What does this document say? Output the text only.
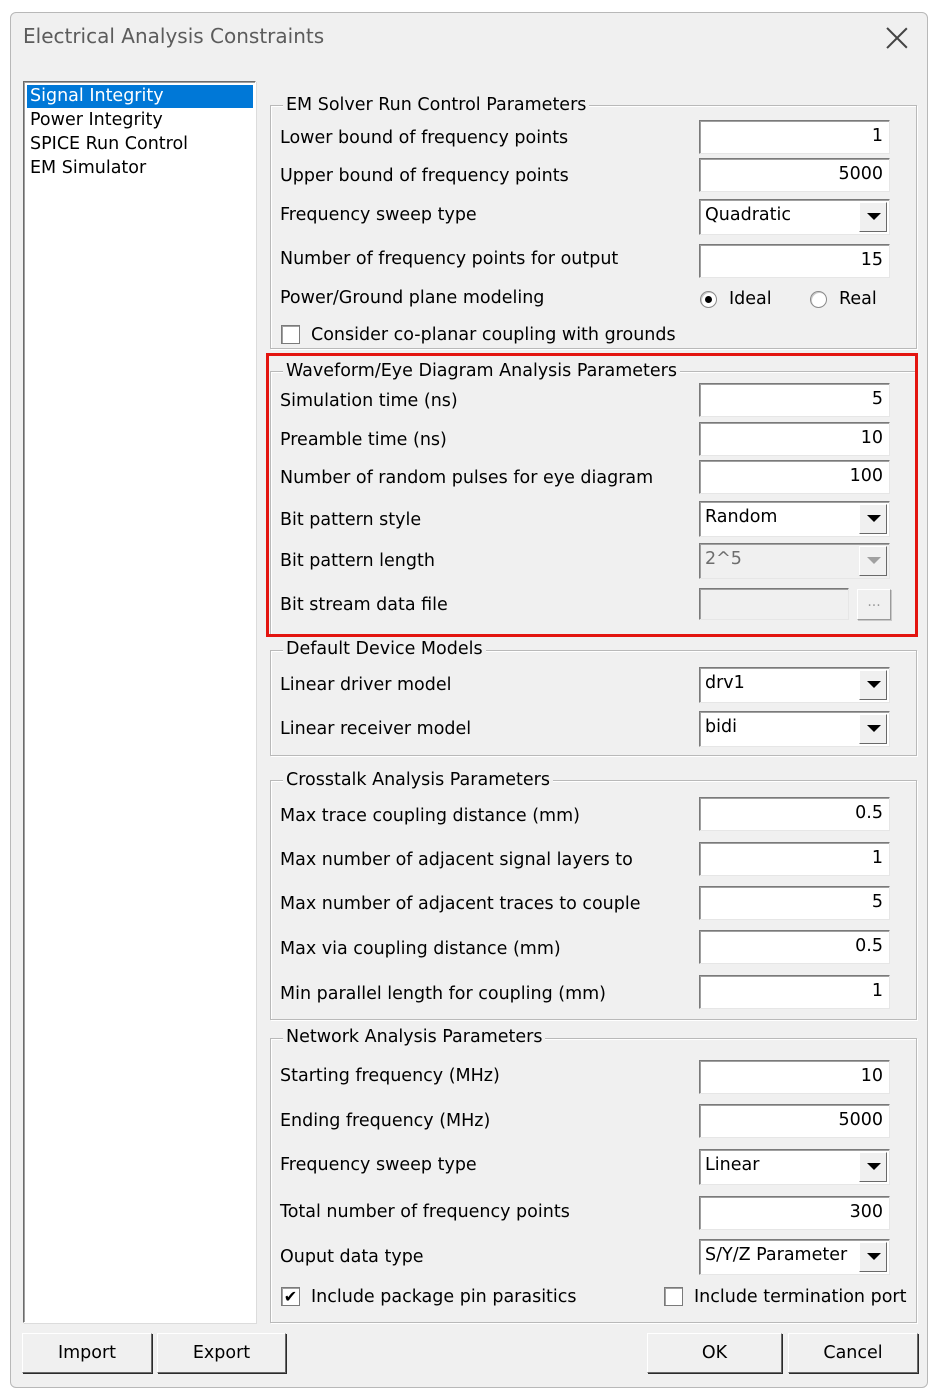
Electrical Analysis Constraints
Signal Integrity
Power Integrity
SPICE Run Control
EM Simulator
EM Solver Run Control Parameters
Lower bound of frequency points	1
Upper bound of frequency points	5000
Frequency sweep type	Quadratic
Number of frequency points for output	15
Power/Ground plane modeling	Ideal	Real
Consider co-planar coupling with grounds
Waveform/Eye Diagram Analysis Parameters
Simulation time (ns)	5
Preamble time (ns)	10
Number of random pulses for eye diagram	100
Bit pattern style	Random
Bit pattern length	2^5
Bit stream data file	...
Default Device Models
Linear driver model	drv1
Linear receiver model	bidi
Crosstalk Analysis Parameters
Max trace coupling distance (mm)	0.5
Max number of adjacent signal layers to	1
Max number of adjacent traces to couple	5
Max via coupling distance (mm)	0.5
Min parallel length for coupling (mm)	1
Network Analysis Parameters
Starting frequency (MHz)	10
Ending frequency (MHz)	5000
Frequency sweep type	Linear
Total number of frequency points	300
Ouput data type	S/Y/Z Parameter
✔ Include package pin parasitics	Include termination port
Import	Export	OK	Cancel
